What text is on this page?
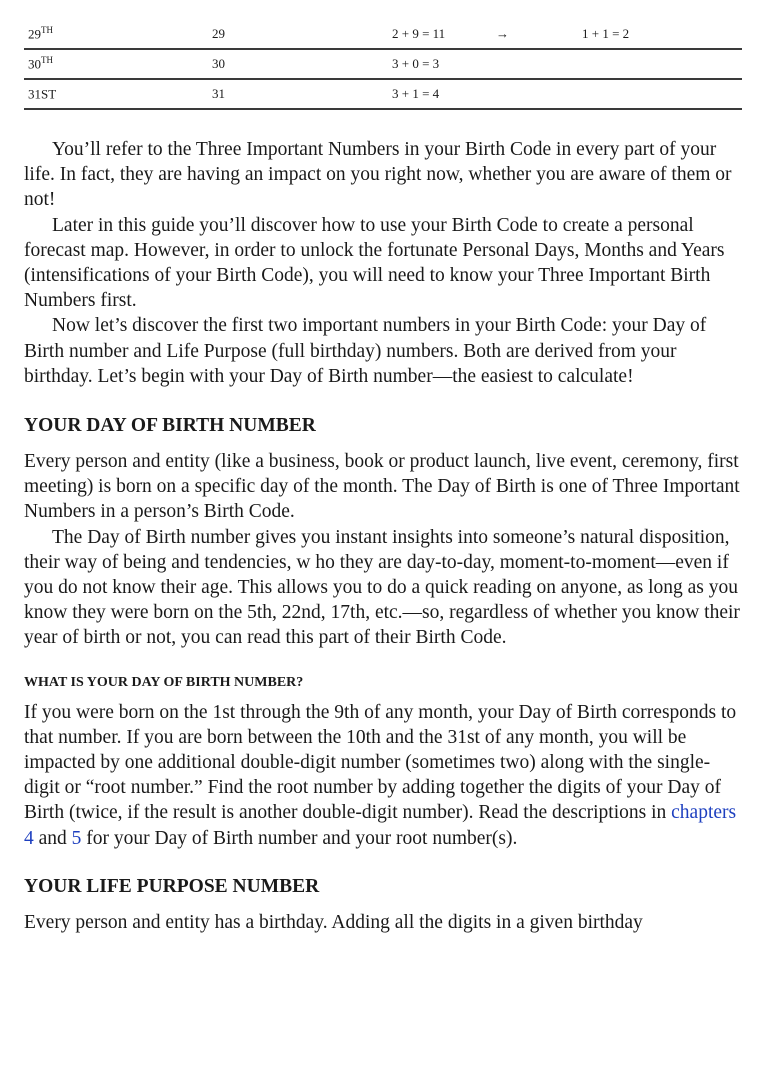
29TH	29	2 + 9 = 11	→	1 + 1 = 2
30TH	30	3 + 0 = 3		
31ST	31	3 + 1 = 4		

You’ll refer to the Three Important Numbers in your Birth Code in every part of your life. In fact, they are having an impact on you right now, whether you are aware of them or not!

Later in this guide you’ll discover how to use your Birth Code to create a personal forecast map. However, in order to unlock the fortunate Personal Days, Months and Years (intensifications of your Birth Code), you will need to know your Three Important Birth Numbers first.

Now let’s discover the first two important numbers in your Birth Code: your Day of Birth number and Life Purpose (full birthday) numbers. Both are derived from your birthday. Let’s begin with your Day of Birth number—the easiest to calculate!

YOUR DAY OF BIRTH NUMBER

Every person and entity (like a business, book or product launch, live event, ceremony, first meeting) is born on a specific day of the month. The Day of Birth is one of Three Important Numbers in a person’s Birth Code.

The Day of Birth number gives you instant insights into someone’s natural disposition, their way of being and tendencies, w ho they are day-to-day, moment-to-moment—even if you do not know their age. This allows you to do a quick reading on anyone, as long as you know they were born on the 5th, 22nd, 17th, etc.—so, regardless of whether you know their year of birth or not, you can read this part of their Birth Code.

WHAT IS YOUR DAY OF BIRTH NUMBER?

If you were born on the 1st through the 9th of any month, your Day of Birth corresponds to that number. If you are born between the 10th and the 31st of any month, you will be impacted by one additional double-digit number (sometimes two) along with the single-digit or “root number.” Find the root number by adding together the digits of your Day of Birth (twice, if the result is another double-digit number). Read the descriptions in chapters 4 and 5 for your Day of Birth number and your root number(s).

YOUR LIFE PURPOSE NUMBER

Every person and entity has a birthday. Adding all the digits in a given birthday
